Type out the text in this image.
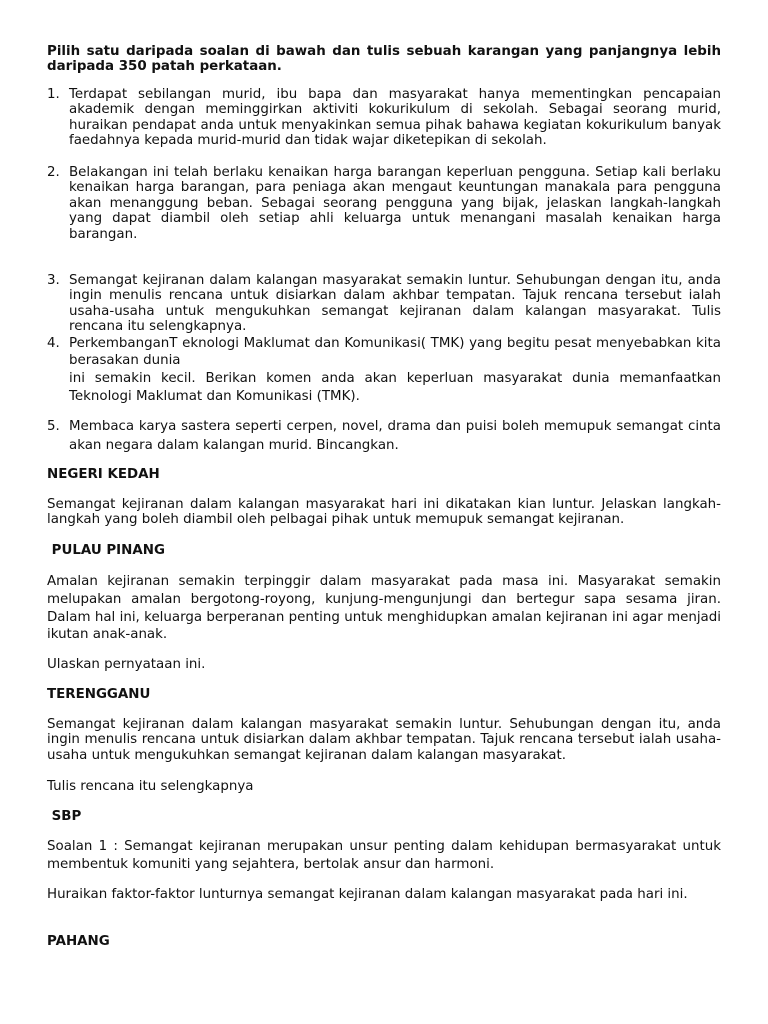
Pilih satu daripada soalan di bawah dan tulis sebuah karangan yang panjangnya lebih daripada 350 patah perkataan.

1. Terdapat sebilangan murid, ibu bapa dan masyarakat hanya mementingkan pencapaian akademik dengan meminggirkan aktiviti kokurikulum di sekolah. Sebagai seorang murid, huraikan pendapat anda untuk menyakinkan semua pihak bahawa kegiatan kokurikulum banyak faedahnya kepada murid-murid dan tidak wajar diketepikan di sekolah.
2. Belakangan ini telah berlaku kenaikan harga barangan keperluan pengguna. Setiap kali berlaku kenaikan harga barangan, para peniaga akan mengaut keuntungan manakala para pengguna akan menanggung beban. Sebagai seorang pengguna yang bijak, jelaskan langkah-langkah yang dapat diambil oleh setiap ahli keluarga untuk menangani masalah kenaikan harga barangan.
3. Semangat kejiranan dalam kalangan masyarakat semakin luntur. Sehubungan dengan itu, anda ingin menulis rencana untuk disiarkan dalam akhbar tempatan. Tajuk rencana tersebut ialah usaha-usaha untuk mengukuhkan semangat kejiranan dalam kalangan masyarakat. Tulis rencana itu selengkapnya.
4. PerkembanganT eknologi Maklumat dan Komunikasi( TMK) yang begitu pesat menyebabkan kita berasakan dunia
ini semakin kecil. Berikan komen anda akan keperluan masyarakat dunia memanfaatkan Teknologi Maklumat dan Komunikasi (TMK).
5. Membaca karya sastera seperti cerpen, novel, drama dan puisi boleh memupuk semangat cinta akan negara dalam kalangan murid. Bincangkan.
NEGERI KEDAH
Semangat kejiranan dalam kalangan masyarakat hari ini dikatakan kian luntur. Jelaskan langkah-langkah yang boleh diambil oleh pelbagai pihak untuk memupuk semangat kejiranan.
PULAU PINANG
Amalan kejiranan semakin terpinggir dalam masyarakat pada masa ini. Masyarakat semakin melupakan amalan bergotong-royong, kunjung-mengunjungi dan bertegur sapa sesama jiran. Dalam hal ini, keluarga berperanan penting untuk menghidupkan amalan kejiranan ini agar menjadi ikutan anak-anak.
Ulaskan pernyataan ini.
TERENGGANU
Semangat kejiranan dalam kalangan masyarakat semakin luntur. Sehubungan dengan itu, anda ingin menulis rencana untuk disiarkan dalam akhbar tempatan. Tajuk rencana tersebut ialah usaha-usaha untuk mengukuhkan semangat kejiranan dalam kalangan masyarakat.
Tulis rencana itu selengkapnya
SBP
Soalan 1 : Semangat kejiranan merupakan unsur penting dalam kehidupan bermasyarakat untuk membentuk komuniti yang sejahtera, bertolak ansur dan harmoni.
Huraikan faktor-faktor lunturnya semangat kejiranan dalam kalangan masyarakat pada hari ini.
PAHANG
